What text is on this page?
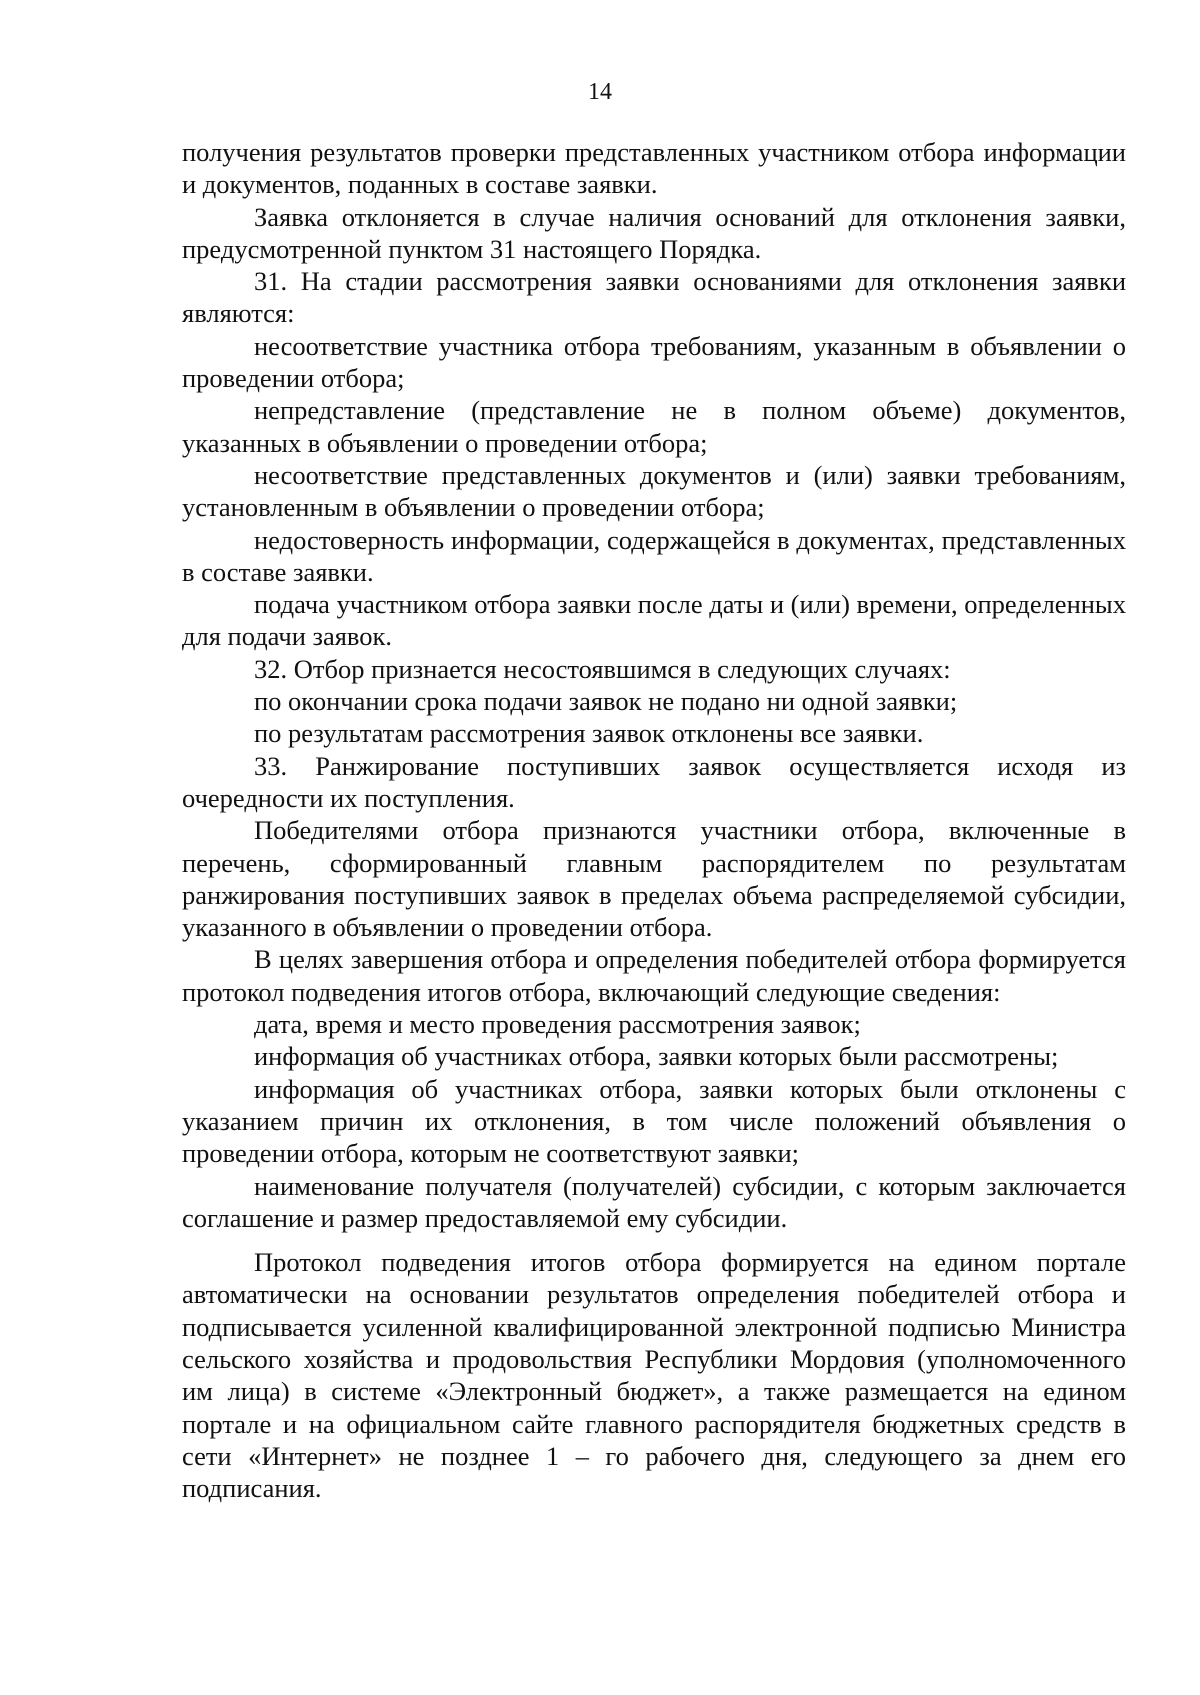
14

получения результатов проверки представленных участником отбора информации и документов, поданных в составе заявки.

Заявка отклоняется в случае наличия оснований для отклонения заявки, предусмотренной пунктом 31 настоящего Порядка.

31. На стадии рассмотрения заявки основаниями для отклонения заявки являются:

несоответствие участника отбора требованиям, указанным в объявлении о проведении отбора;

непредставление (представление не в полном объеме) документов, указанных в объявлении о проведении отбора;

несоответствие представленных документов и (или) заявки требованиям, установленным в объявлении о проведении отбора;

недостоверность информации, содержащейся в документах, представленных в составе заявки.

подача участником отбора заявки после даты и (или) времени, определенных для подачи заявок.

32. Отбор признается несостоявшимся в следующих случаях:

по окончании срока подачи заявок не подано ни одной заявки;

по результатам рассмотрения заявок отклонены все заявки.

33. Ранжирование поступивших заявок осуществляется исходя из очередности их поступления.

Победителями отбора признаются участники отбора, включенные в перечень, сформированный главным распорядителем по результатам ранжирования поступивших заявок в пределах объема распределяемой субсидии, указанного в объявлении о проведении отбора.

В целях завершения отбора и определения победителей отбора формируется протокол подведения итогов отбора, включающий следующие сведения:

дата, время и место проведения рассмотрения заявок;

информация об участниках отбора, заявки которых были рассмотрены;

информация об участниках отбора, заявки которых были отклонены с указанием причин их отклонения, в том числе положений объявления о проведении отбора, которым не соответствуют заявки;

наименование получателя (получателей) субсидии, с которым заключается соглашение и размер предоставляемой ему субсидии.

Протокол подведения итогов отбора формируется на едином портале автоматически на основании результатов определения победителей отбора и подписывается усиленной квалифицированной электронной подписью Министра сельского хозяйства и продовольствия Республики Мордовия (уполномоченного им лица) в системе «Электронный бюджет», а также размещается на едином портале и на официальном сайте главного распорядителя бюджетных средств в сети «Интернет» не позднее 1 – го рабочего дня, следующего за днем его подписания.
